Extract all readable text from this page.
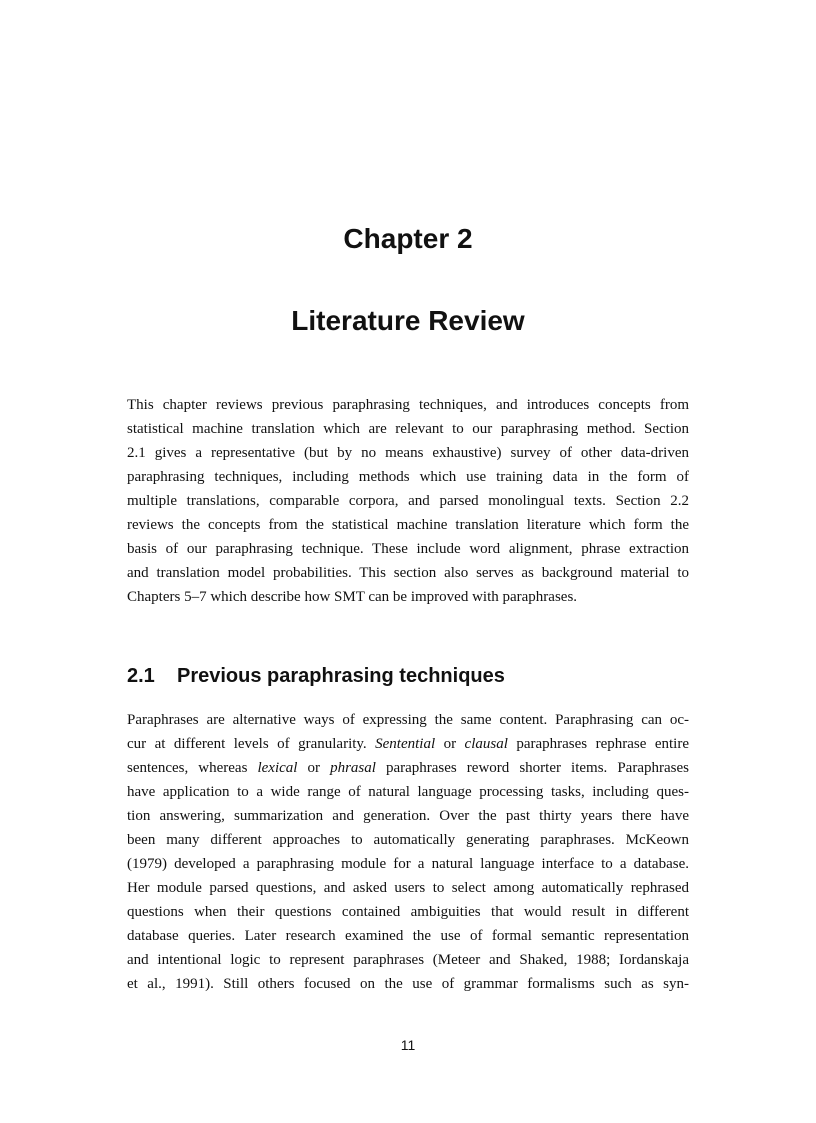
Chapter 2
Literature Review
This chapter reviews previous paraphrasing techniques, and introduces concepts from
statistical machine translation which are relevant to our paraphrasing method. Section
2.1 gives a representative (but by no means exhaustive) survey of other data-driven
paraphrasing techniques, including methods which use training data in the form of
multiple translations, comparable corpora, and parsed monolingual texts. Section 2.2
reviews the concepts from the statistical machine translation literature which form the
basis of our paraphrasing technique. These include word alignment, phrase extraction
and translation model probabilities. This section also serves as background material to
Chapters 5–7 which describe how SMT can be improved with paraphrases.
2.1 Previous paraphrasing techniques
Paraphrases are alternative ways of expressing the same content. Paraphrasing can oc-
cur at different levels of granularity. Sentential or clausal paraphrases rephrase entire
sentences, whereas lexical or phrasal paraphrases reword shorter items. Paraphrases
have application to a wide range of natural language processing tasks, including ques-
tion answering, summarization and generation. Over the past thirty years there have
been many different approaches to automatically generating paraphrases. McKeown
(1979) developed a paraphrasing module for a natural language interface to a database.
Her module parsed questions, and asked users to select among automatically rephrased
questions when their questions contained ambiguities that would result in different
database queries. Later research examined the use of formal semantic representation
and intentional logic to represent paraphrases (Meteer and Shaked, 1988; Iordanskaja
et al., 1991). Still others focused on the use of grammar formalisms such as syn-
11
